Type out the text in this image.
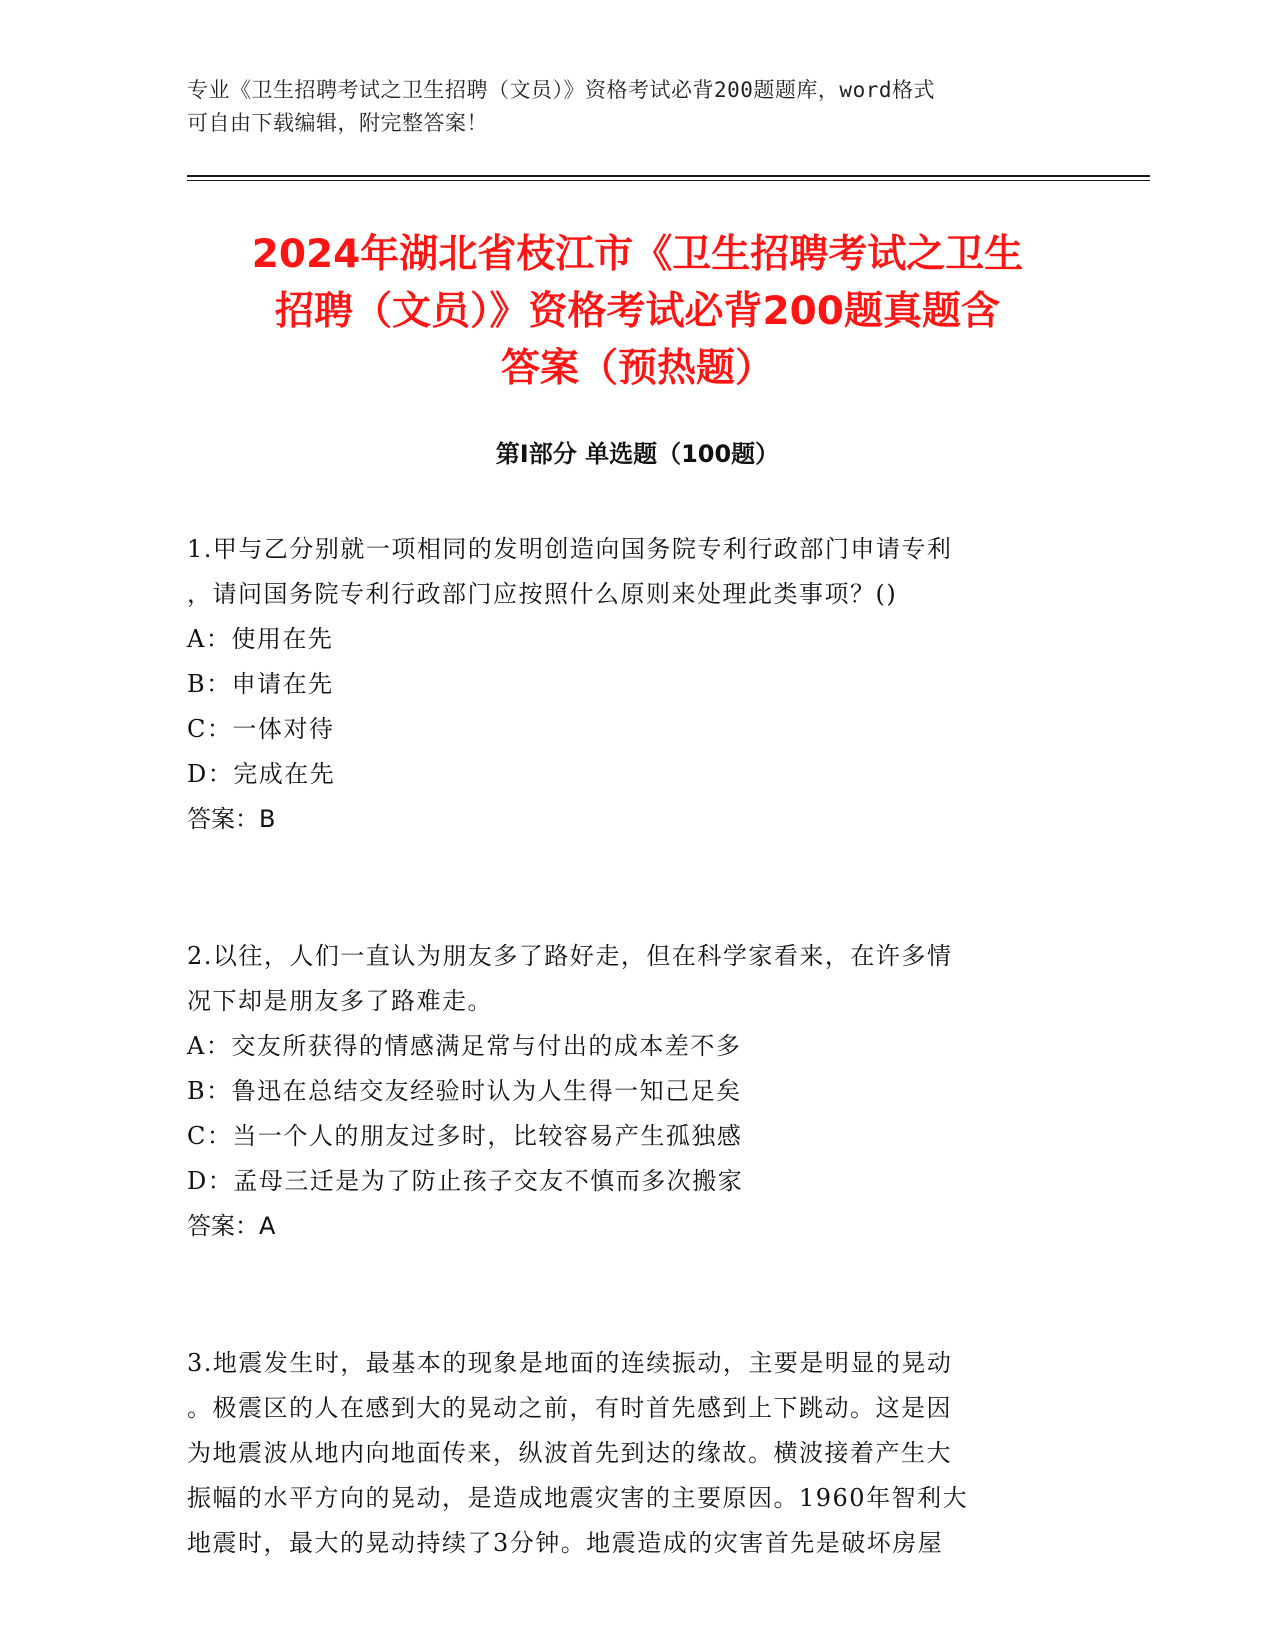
专业《卫生招聘考试之卫生招聘（文员）》资格考试必背200题题库，word格式
可自由下载编辑，附完整答案！
2024年湖北省枝江市《卫生招聘考试之卫生
招聘（文员）》资格考试必背200题真题含
答案（预热题）
第Ⅰ部分 单选题（100题）
1.甲与乙分别就一项相同的发明创造向国务院专利行政部门申请专利
，请问国务院专利行政部门应按照什么原则来处理此类事项？()
A：使用在先
B：申请在先
C：一体对待
D：完成在先
答案：B
2.以往，人们一直认为朋友多了路好走，但在科学家看来，在许多情
况下却是朋友多了路难走。
A：交友所获得的情感满足常与付出的成本差不多
B：鲁迅在总结交友经验时认为人生得一知己足矣
C：当一个人的朋友过多时，比较容易产生孤独感
D：孟母三迁是为了防止孩子交友不慎而多次搬家
答案：A
3.地震发生时，最基本的现象是地面的连续振动，主要是明显的晃动
。极震区的人在感到大的晃动之前，有时首先感到上下跳动。这是因
为地震波从地内向地面传来，纵波首先到达的缘故。横波接着产生大
振幅的水平方向的晃动，是造成地震灾害的主要原因。1960年智利大
地震时，最大的晃动持续了3分钟。地震造成的灾害首先是破坏房屋
